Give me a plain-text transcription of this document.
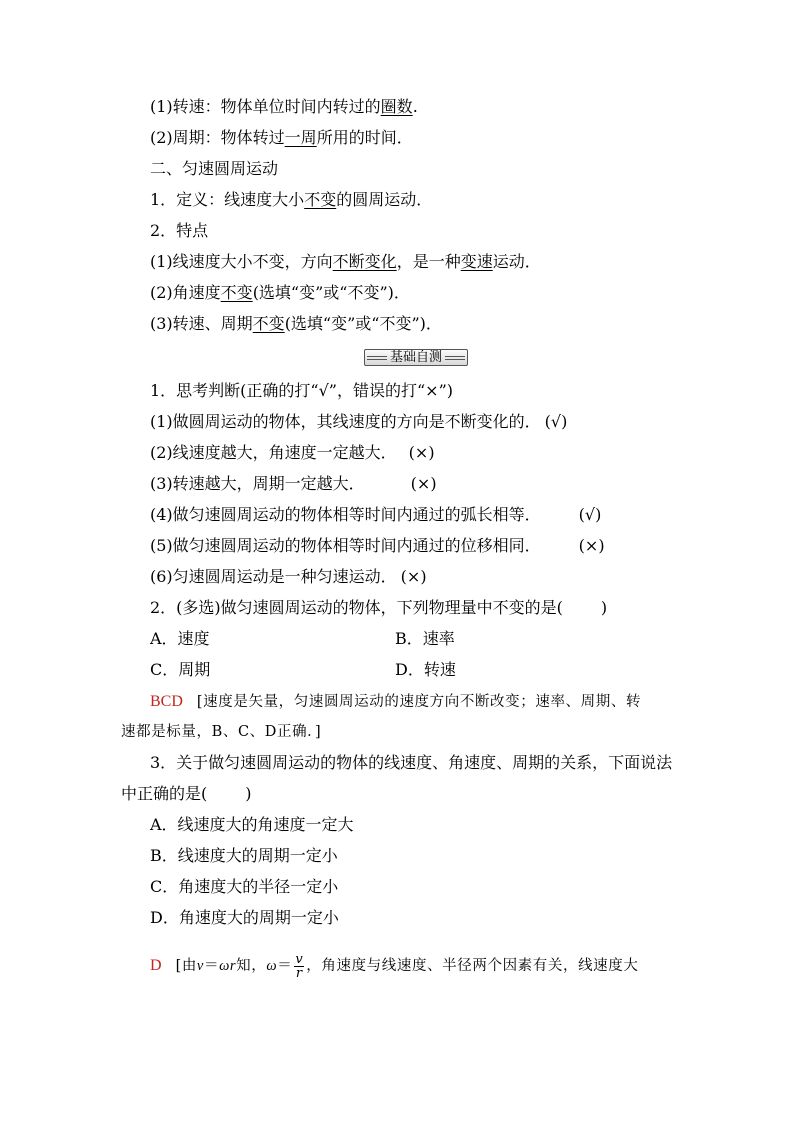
(1)转速：物体单位时间内转过的圈数.
(2)周期：物体转过一周所用的时间．
二、匀速圆周运动
1．定义：线速度大小不变的圆周运动．
2．特点
(1)线速度大小不变，方向不断变化，是一种变速运动．
(2)角速度不变(选填“变”或“不变”)．
(3)转速、周期不变(选填“变”或“不变”)．
基础自测
1．思考判断(正确的打“√”，错误的打“×”)
(1)做圆周运动的物体，其线速度的方向是不断变化的． (√)
(2)线速度越大，角速度一定越大． (×)
(3)转速越大，周期一定越大．	(×)
(4)做匀速圆周运动的物体相等时间内通过的弧长相等． (√)
(5)做匀速圆周运动的物体相等时间内通过的位移相同． (×)
(6)匀速圆周运动是一种匀速运动． (×)
2．(多选)做匀速圆周运动的物体，下列物理量中不变的是( )
A．速度	B．速率
C．周期	D．转速
BCD [速度是矢量，匀速圆周运动的速度方向不断改变；速率、周期、转
速都是标量，B、C、D正确．]
3．关于做匀速圆周运动的物体的线速度、角速度、周期的关系，下面说法
中正确的是( )
A．线速度大的角速度一定大
B．线速度大的周期一定小
C．角速度大的半径一定小
D．角速度大的周期一定小
D [由v＝ωr知，$\omega= \frac{v}{r}$ ，角速度与线速度、半径两个因素有关，线速度大
